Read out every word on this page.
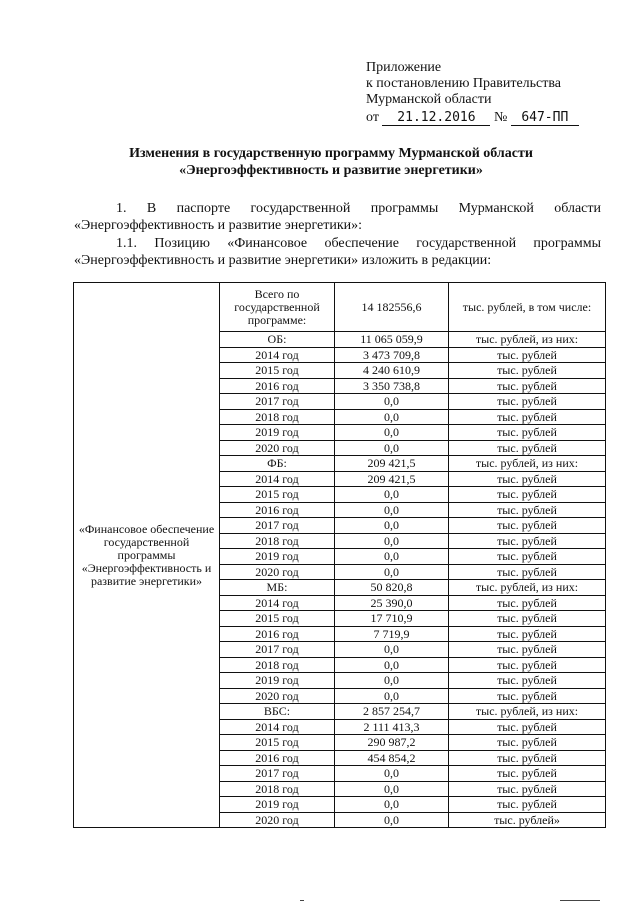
Приложение
к постановлению Правительства
Мурманской области
от 21.12.2016 № 647-ПП
Изменения в государственную программу Мурманской области
«Энергоэффективность и развитие энергетики»
1. В паспорте государственной программы Мурманской области
«Энергоэффективность и развитие энергетики»:
1.1. Позицию «Финансовое обеспечение государственной программы
«Энергоэффективность и развитие энергетики» изложить в редакции:
«Финансовое обеспечение государственной программы «Энергоэффективность и развитие энергетики»	Всего по государственной программе:	14 182556,6	тыс. рублей, в том числе:
	ОБ:	11 065 059,9	тыс. рублей, из них:
	2014 год	3 473 709,8	тыс. рублей
	2015 год	4 240 610,9	тыс. рублей
	2016 год	3 350 738,8	тыс. рублей
	2017 год	0,0	тыс. рублей
	2018 год	0,0	тыс. рублей
	2019 год	0,0	тыс. рублей
	2020 год	0,0	тыс. рублей
	ФБ:	209 421,5	тыс. рублей, из них:
	2014 год	209 421,5	тыс. рублей
	2015 год	0,0	тыс. рублей
	2016 год	0,0	тыс. рублей
	2017 год	0,0	тыс. рублей
	2018 год	0,0	тыс. рублей
	2019 год	0,0	тыс. рублей
	2020 год	0,0	тыс. рублей
	МБ:	50 820,8	тыс. рублей, из них:
	2014 год	25 390,0	тыс. рублей
	2015 год	17 710,9	тыс. рублей
	2016 год	7 719,9	тыс. рублей
	2017 год	0,0	тыс. рублей
	2018 год	0,0	тыс. рублей
	2019 год	0,0	тыс. рублей
	2020 год	0,0	тыс. рублей
	ВБС:	2 857 254,7	тыс. рублей, из них:
	2014 год	2 111 413,3	тыс. рублей
	2015 год	290 987,2	тыс. рублей
	2016 год	454 854,2	тыс. рублей
	2017 год	0,0	тыс. рублей
	2018 год	0,0	тыс. рублей
	2019 год	0,0	тыс. рублей
	2020 год	0,0	тыс. рублей»
